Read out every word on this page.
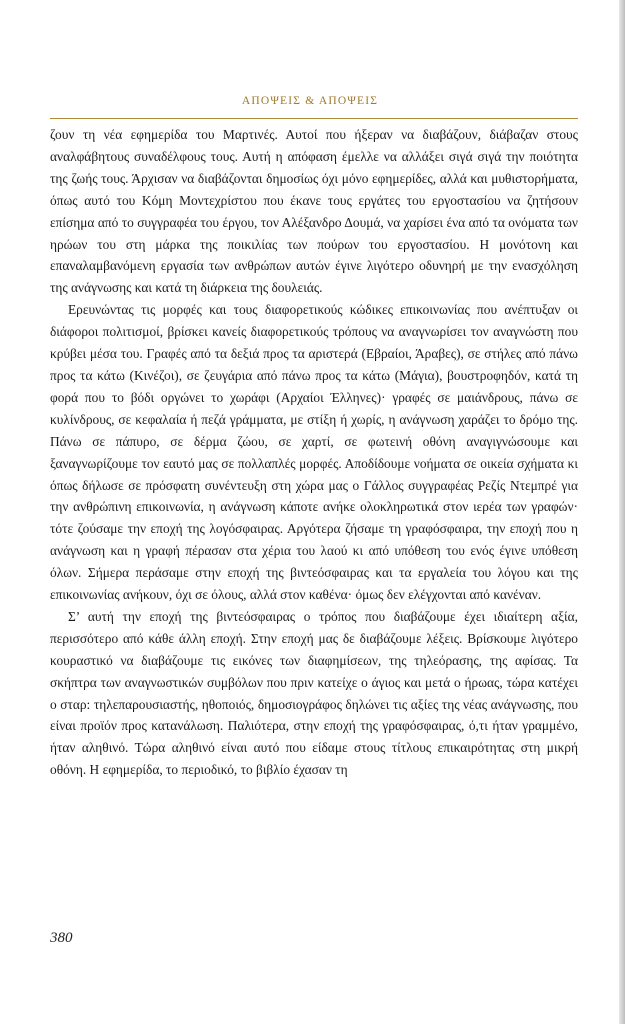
ΑΠΟΨΕΙΣ & ΑΠΟΨΕΙΣ

ζουν τη νέα εφημερίδα του Μαρτινές. Αυτοί που ήξεραν να διαβάζουν, διάβαζαν στους αναλφάβητους συναδέλφους τους. Αυτή η απόφαση έμελλε να αλλάξει σιγά σιγά την ποιότητα της ζωής τους. Άρχισαν να διαβάζονται δημοσίως όχι μόνο εφημερίδες, αλλά και μυθιστορήματα, όπως αυτό του Κόμη Μοντεχρίστου που έκανε τους εργάτες του εργοστασίου να ζητήσουν επίσημα από το συγγραφέα του έργου, τον Αλέξανδρο Δουμά, να χαρίσει ένα από τα ονόματα των ηρώων του στη μάρκα της ποικιλίας των πούρων του εργοστασίου. Η μονότονη και επαναλαμβανόμενη εργασία των ανθρώπων αυτών έγινε λιγότερο οδυνηρή με την ενασχόληση της ανάγνωσης και κατά τη διάρκεια της δουλειάς.

Ερευνώντας τις μορφές και τους διαφορετικούς κώδικες επικοινωνίας που ανέπτυξαν οι διάφοροι πολιτισμοί, βρίσκει κανείς διαφορετικούς τρόπους να αναγνωρίσει τον αναγνώστη που κρύβει μέσα του. Γραφές από τα δεξιά προς τα αριστερά (Εβραίοι, Άραβες), σε στήλες από πάνω προς τα κάτω (Κινέζοι), σε ζευγάρια από πάνω προς τα κάτω (Μάγια), βουστροφηδόν, κατά τη φορά που το βόδι οργώνει το χωράφι (Αρχαίοι Έλληνες)· γραφές σε μαιάνδρους, πάνω σε κυλίνδρους, σε κεφαλαία ή πεζά γράμματα, με στίξη ή χωρίς, η ανάγνωση χαράζει το δρόμο της. Πάνω σε πάπυρο, σε δέρμα ζώου, σε χαρτί, σε φωτεινή οθόνη αναγιγνώσουμε και ξαναγνωρίζουμε τον εαυτό μας σε πολλαπλές μορφές. Αποδίδουμε νοήματα σε οικεία σχήματα κι όπως δήλωσε σε πρόσφατη συνέντευξη στη χώρα μας ο Γάλλος συγγραφέας Ρεζίς Ντεμπρέ για την ανθρώπινη επικοινωνία, η ανάγνωση κάποτε ανήκε ολοκληρωτικά στον ιερέα των γραφών· τότε ζούσαμε την εποχή της λογόσφαιρας. Αργότερα ζήσαμε τη γραφόσφαιρα, την εποχή που η ανάγνωση και η γραφή πέρασαν στα χέρια του λαού κι από υπόθεση του ενός έγινε υπόθεση όλων. Σήμερα περάσαμε στην εποχή της βιντεόσφαιρας και τα εργαλεία του λόγου και της επικοινωνίας ανήκουν, όχι σε όλους, αλλά στον καθένα· όμως δεν ελέγχονται από κανέναν.

Σ’ αυτή την εποχή της βιντεόσφαιρας ο τρόπος που διαβάζουμε έχει ιδιαίτερη αξία, περισσότερο από κάθε άλλη εποχή. Στην εποχή μας δε διαβάζουμε λέξεις. Βρίσκουμε λιγότερο κουραστικό να διαβάζουμε τις εικόνες των διαφημίσεων, της τηλεόρασης, της αφίσας. Τα σκήπτρα των αναγνωστικών συμβόλων που πριν κατείχε ο άγιος και μετά ο ήρωας, τώρα κατέχει ο σταρ: τηλεπαρουσιαστής, ηθοποιός, δημοσιογράφος δηλώνει τις αξίες της νέας ανάγνωσης, που είναι προϊόν προς κατανάλωση. Παλιότερα, στην εποχή της γραφόσφαιρας, ό,τι ήταν γραμμένο, ήταν αληθινό. Τώρα αληθινό είναι αυτό που είδαμε στους τίτλους επικαιρότητας στη μικρή οθόνη. Η εφημερίδα, το περιοδικό, το βιβλίο έχασαν τη

380
